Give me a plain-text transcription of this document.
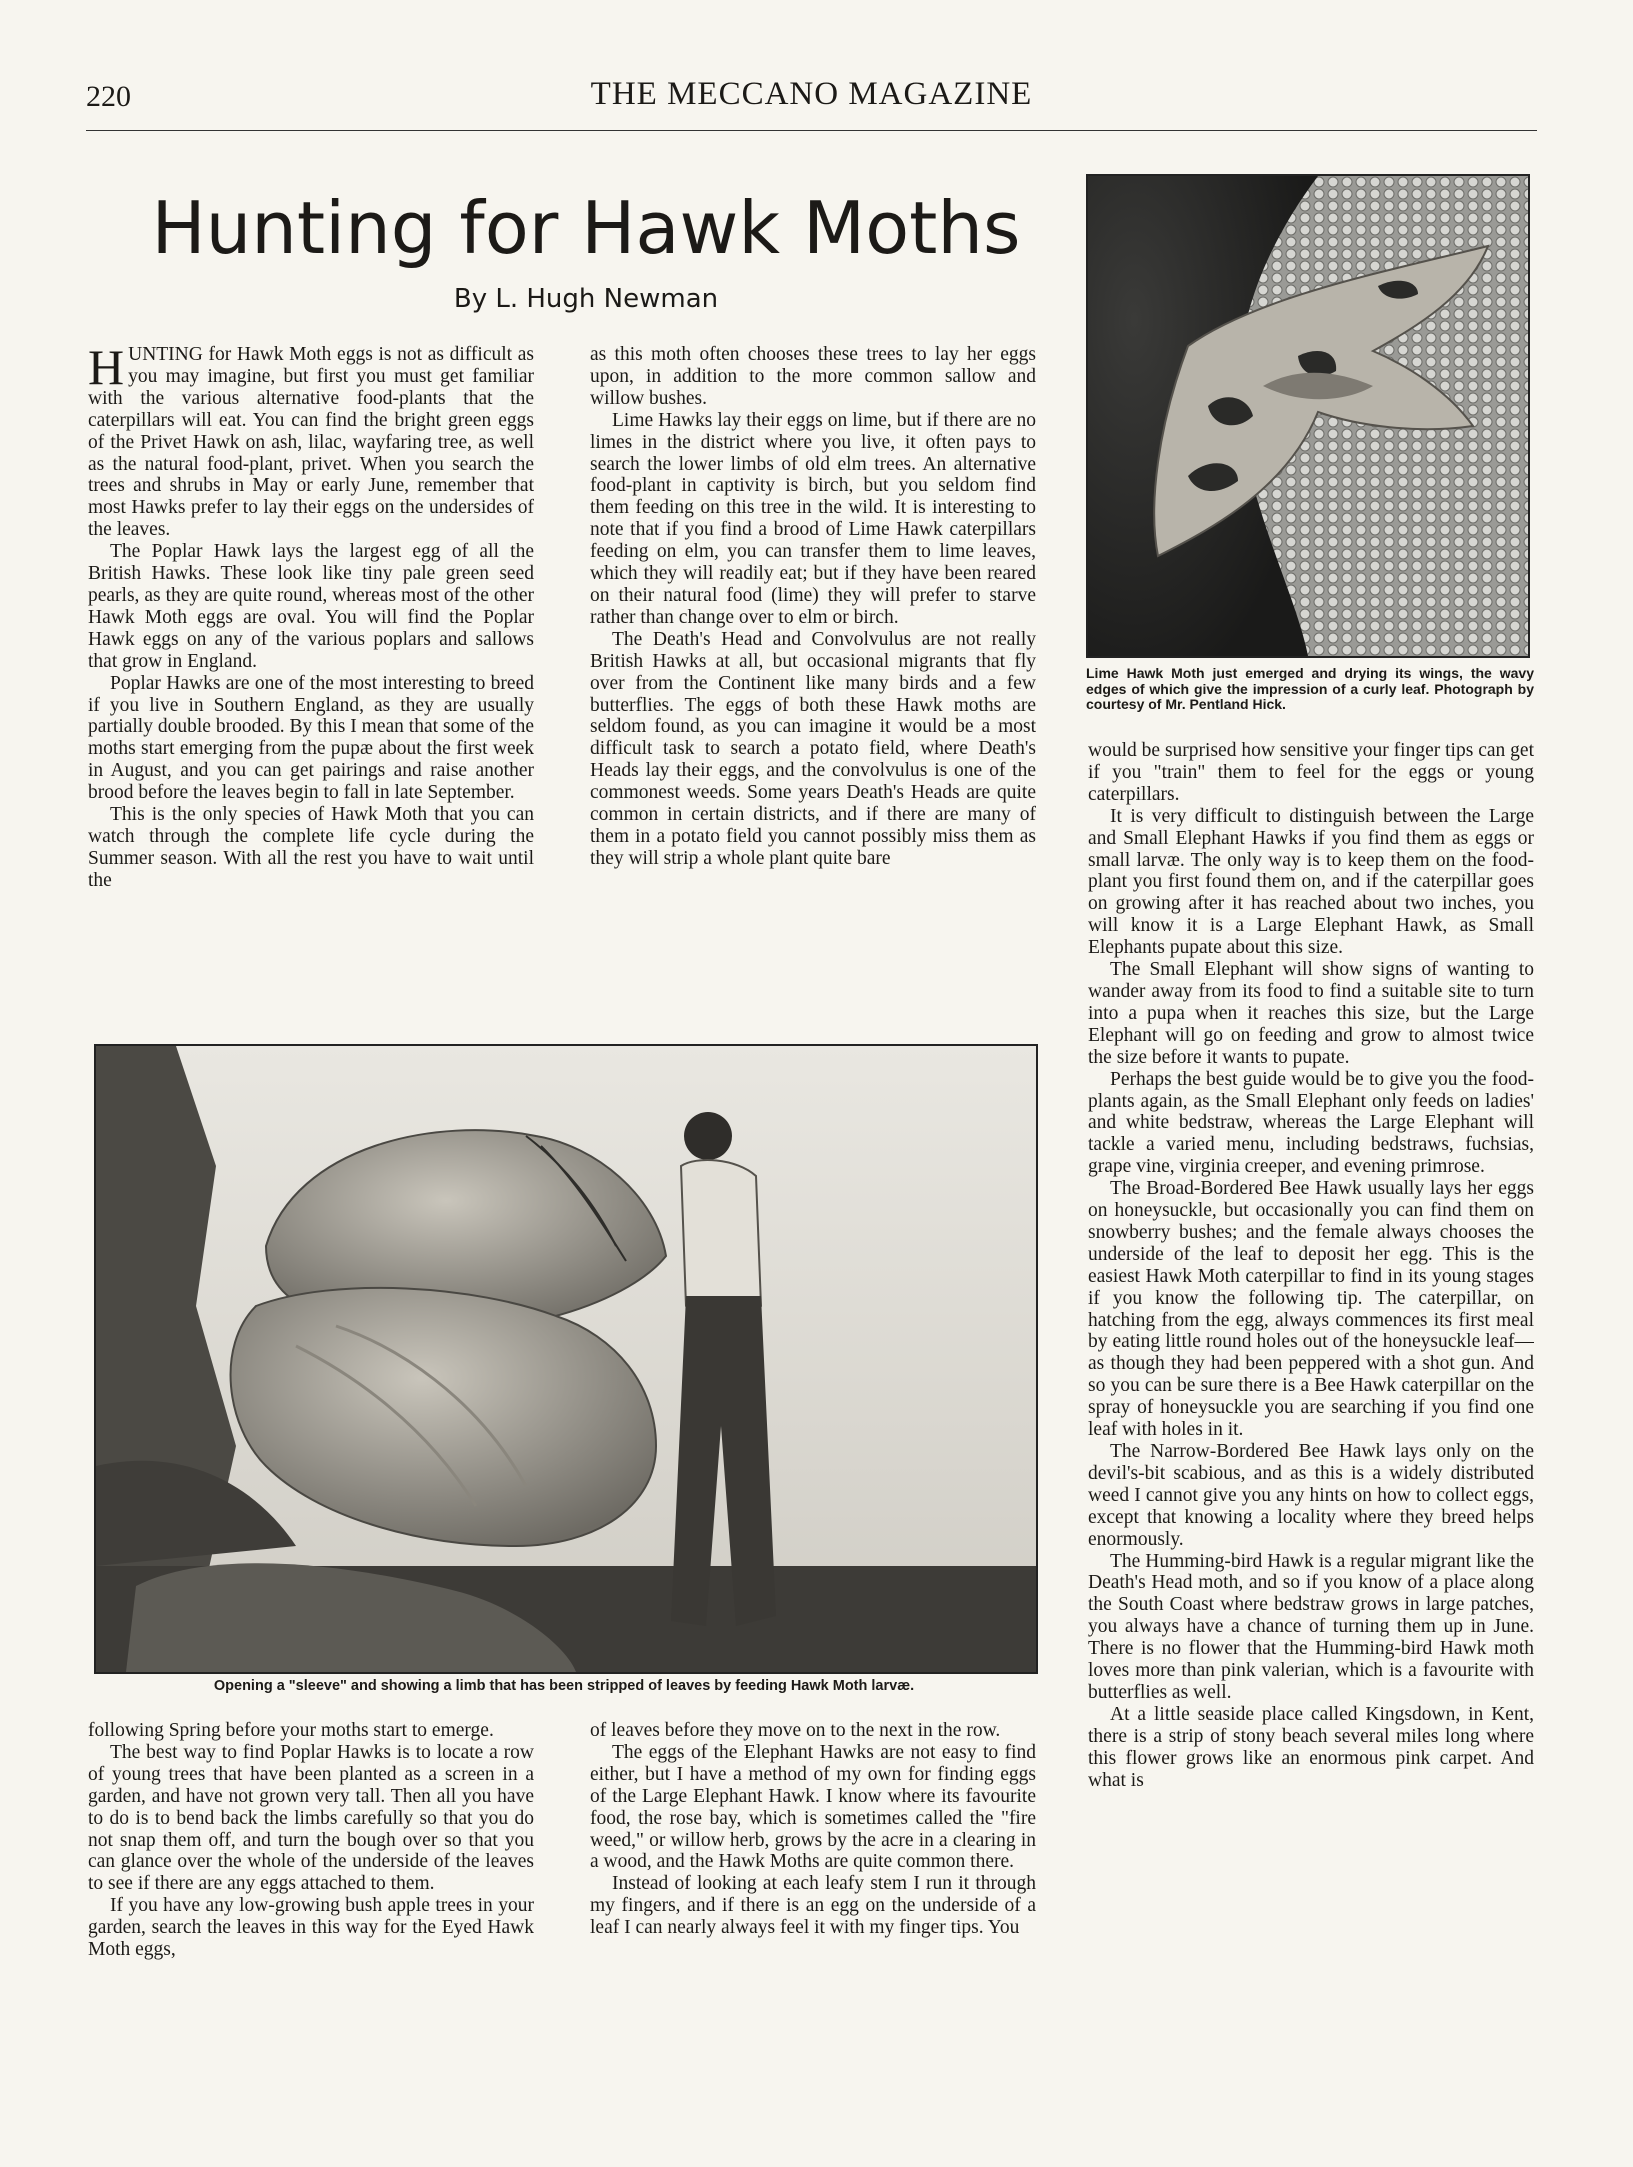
220	THE MECCANO MAGAZINE
Hunting for Hawk Moths
By L. Hugh Newman

HUNTING for Hawk Moth eggs is not as difficult as you may imagine, but first you must get familiar with the various alternative food-plants that the caterpillars will eat. You can find the bright green eggs of the Privet Hawk on ash, lilac, wayfaring tree, as well as the natural food-plant, privet. When you search the trees and shrubs in May or early June, remember that most Hawks prefer to lay their eggs on the undersides of the leaves.

The Poplar Hawk lays the largest egg of all the British Hawks. These look like tiny pale green seed pearls, as they are quite round, whereas most of the other Hawk Moth eggs are oval. You will find the Poplar Hawk eggs on any of the various poplars and sallows that grow in England.

Poplar Hawks are one of the most interesting to breed if you live in Southern England, as they are usually partially double brooded. By this I mean that some of the moths start emerging from the pupæ about the first week in August, and you can get pairings and raise another brood before the leaves begin to fall in late September.

This is the only species of Hawk Moth that you can watch through the complete life cycle during the Summer season. With all the rest you have to wait until the

as this moth often chooses these trees to lay her eggs upon, in addition to the more common sallow and willow bushes.

Lime Hawks lay their eggs on lime, but if there are no limes in the district where you live, it often pays to search the lower limbs of old elm trees. An alternative food-plant in captivity is birch, but you seldom find them feeding on this tree in the wild. It is interesting to note that if you find a brood of Lime Hawk caterpillars feeding on elm, you can transfer them to lime leaves, which they will readily eat; but if they have been reared on their natural food (lime) they will prefer to starve rather than change over to elm or birch.

The Death's Head and Convolvulus are not really British Hawks at all, but occasional migrants that fly over from the Continent like many birds and a few butterflies. The eggs of both these Hawk moths are seldom found, as you can imagine it would be a most difficult task to search a potato field, where Death's Heads lay their eggs, and the convolvulus is one of the commonest weeds. Some years Death's Heads are quite common in certain districts, and if there are many of them in a potato field you cannot possibly miss them as they will strip a whole plant quite bare

Lime Hawk Moth just emerged and drying its wings, the wavy edges of which give the impression of a curly leaf. Photograph by courtesy of Mr. Pentland Hick.

would be surprised how sensitive your finger tips can get if you "train" them to feel for the eggs or young caterpillars.

It is very difficult to distinguish between the Large and Small Elephant Hawks if you find them as eggs or small larvæ. The only way is to keep them on the food-plant you first found them on, and if the caterpillar goes on growing after it has reached about two inches, you will know it is a Large Elephant Hawk, as Small Elephants pupate about this size.

The Small Elephant will show signs of wanting to wander away from its food to find a suitable site to turn into a pupa when it reaches this size, but the Large Elephant will go on feeding and grow to almost twice the size before it wants to pupate.

Perhaps the best guide would be to give you the food-plants again, as the Small Elephant only feeds on ladies' and white bedstraw, whereas the Large Elephant will tackle a varied menu, including bedstraws, fuchsias, grape vine, virginia creeper, and evening primrose.

The Broad-Bordered Bee Hawk usually lays her eggs on honeysuckle, but occasionally you can find them on snowberry bushes; and the female always chooses the underside of the leaf to deposit her egg. This is the easiest Hawk Moth caterpillar to find in its young stages if you know the following tip. The caterpillar, on hatching from the egg, always commences its first meal by eating little round holes out of the honeysuckle leaf—as though they had been peppered with a shot gun. And so you can be sure there is a Bee Hawk caterpillar on the spray of honeysuckle you are searching if you find one leaf with holes in it.

The Narrow-Bordered Bee Hawk lays only on the devil's-bit scabious, and as this is a widely distributed weed I cannot give you any hints on how to collect eggs, except that knowing a locality where they breed helps enormously.

The Humming-bird Hawk is a regular migrant like the Death's Head moth, and so if you know of a place along the South Coast where bedstraw grows in large patches, you always have a chance of turning them up in June. There is no flower that the Humming-bird Hawk moth loves more than pink valerian, which is a favourite with butterflies as well.

At a little seaside place called Kingsdown, in Kent, there is a strip of stony beach several miles long where this flower grows like an enormous pink carpet. And what is

Opening a "sleeve" and showing a limb that has been stripped of leaves by feeding Hawk Moth larvæ.

following Spring before your moths start to emerge.

The best way to find Poplar Hawks is to locate a row of young trees that have been planted as a screen in a garden, and have not grown very tall. Then all you have to do is to bend back the limbs carefully so that you do not snap them off, and turn the bough over so that you can glance over the whole of the underside of the leaves to see if there are any eggs attached to them.

If you have any low-growing bush apple trees in your garden, search the leaves in this way for the Eyed Hawk Moth eggs,

of leaves before they move on to the next in the row.

The eggs of the Elephant Hawks are not easy to find either, but I have a method of my own for finding eggs of the Large Elephant Hawk. I know where its favourite food, the rose bay, which is sometimes called the "fire weed," or willow herb, grows by the acre in a clearing in a wood, and the Hawk Moths are quite common there.

Instead of looking at each leafy stem I run it through my fingers, and if there is an egg on the underside of a leaf I can nearly always feel it with my finger tips. You
